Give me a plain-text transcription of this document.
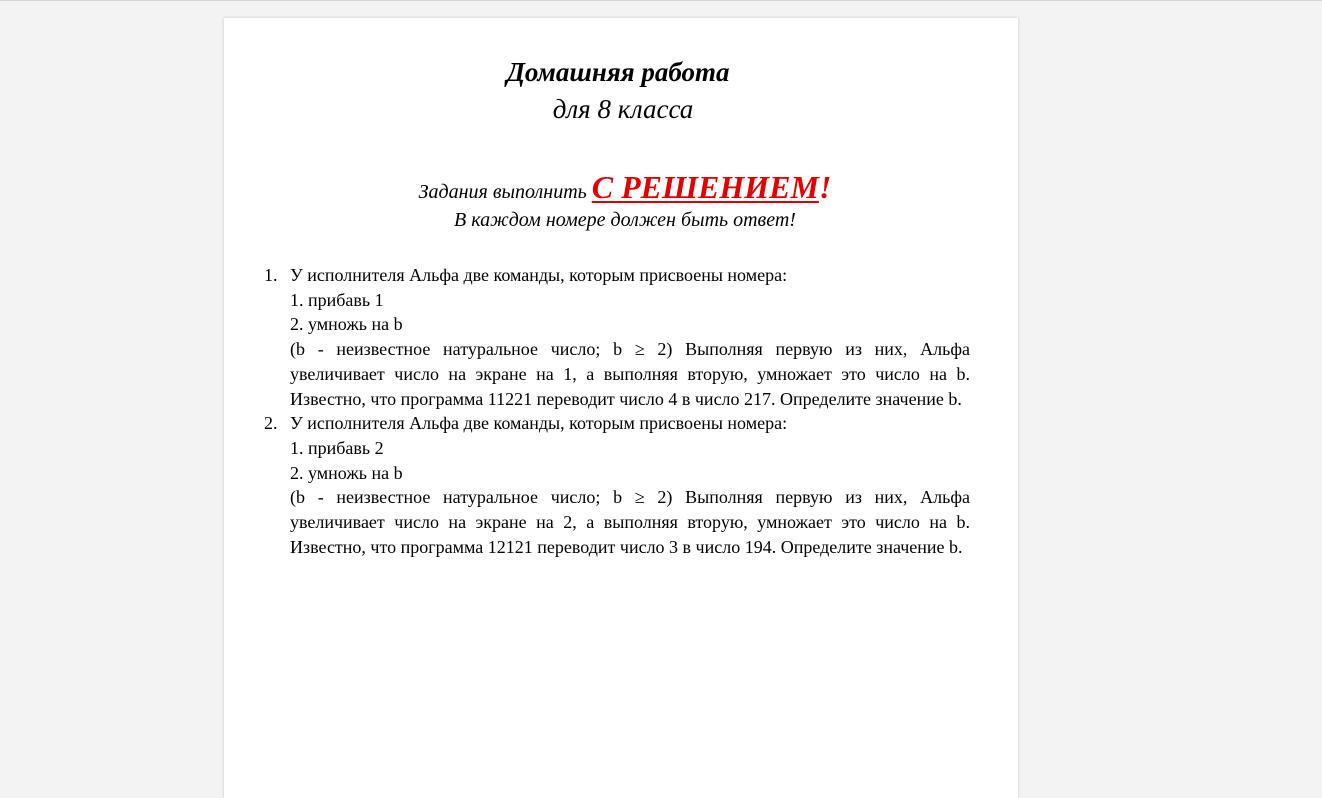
Домашняя работа
для 8 класса
Задания выполнить С РЕШЕНИЕМ!
В каждом номере должен быть ответ!
1. У исполнителя Альфа две команды, которым присвоены номера:
1. прибавь 1
2. умножь на b
(b - неизвестное натуральное число; b ≥ 2) Выполняя первую из них, Альфа увеличивает число на экране на 1, а выполняя вторую, умножает это число на b. Известно, что программа 11221 переводит число 4 в число 217. Определите значение b.
2. У исполнителя Альфа две команды, которым присвоены номера:
1. прибавь 2
2. умножь на b
(b - неизвестное натуральное число; b ≥ 2) Выполняя первую из них, Альфа увеличивает число на экране на 2, а выполняя вторую, умножает это число на b. Известно, что программа 12121 переводит число 3 в число 194. Определите значение b.
